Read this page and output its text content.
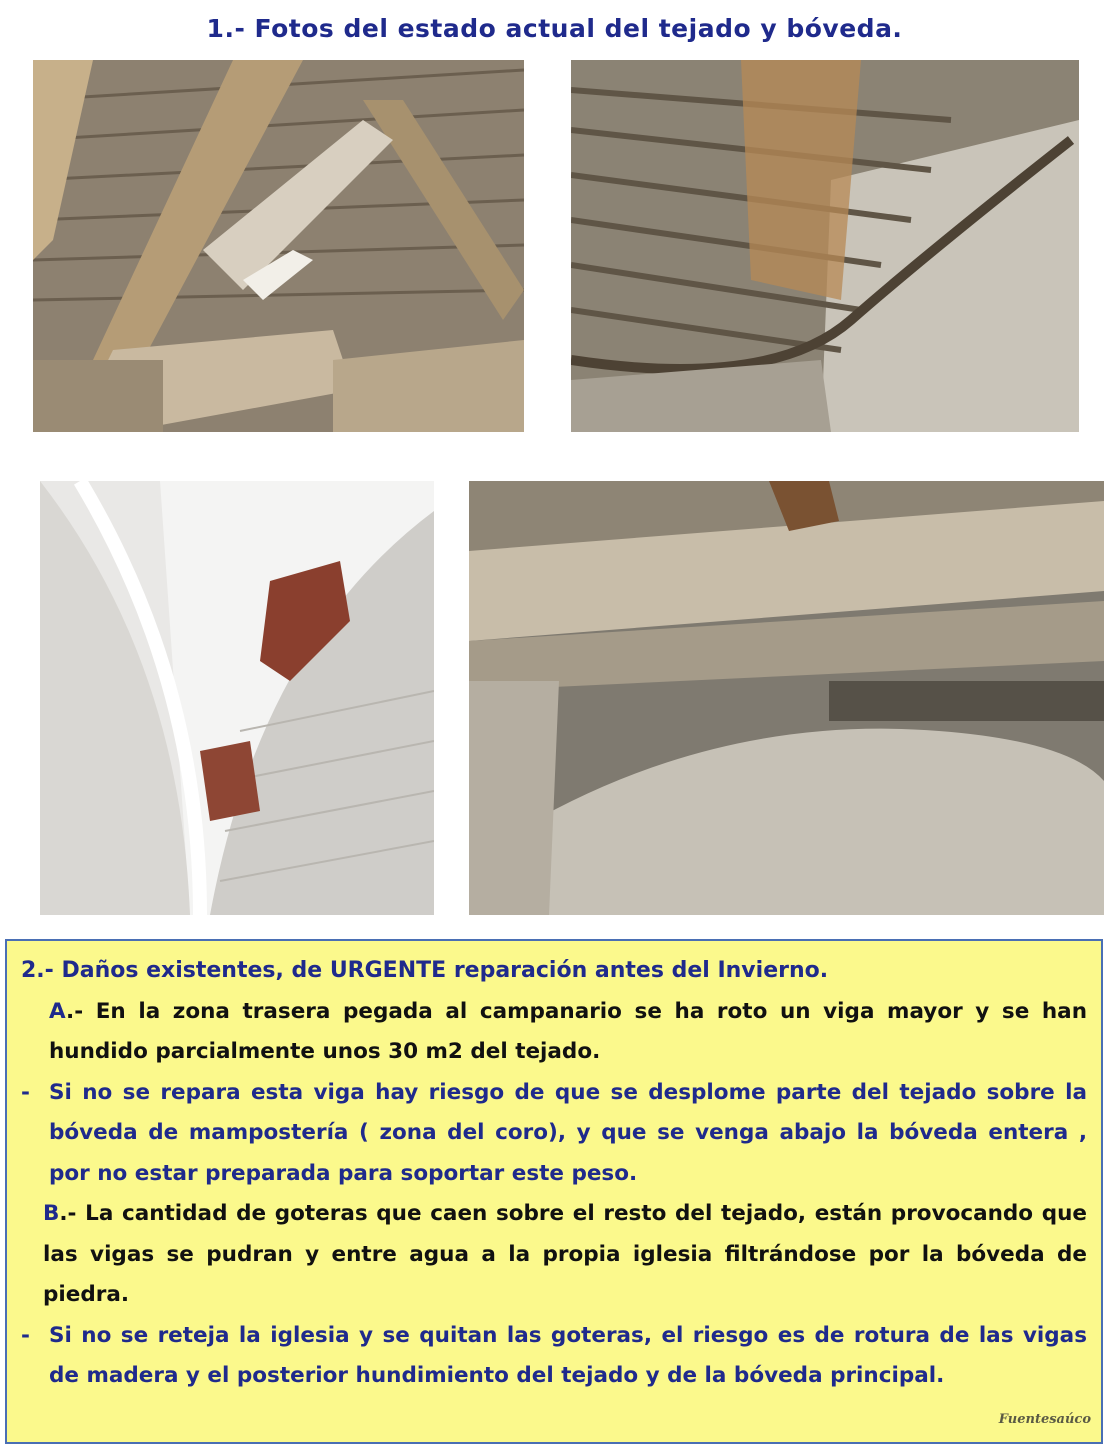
1.- Fotos del estado actual del tejado y bóveda.

2.- Daños existentes, de URGENTE reparación antes del Invierno.

A.- En la zona trasera pegada al campanario se ha roto un viga mayor y se han hundido parcialmente unos 30 m2 del tejado.

- Si no se repara esta viga hay riesgo de que se desplome parte del tejado sobre la bóveda de mampostería ( zona del coro), y que se venga abajo la bóveda entera , por no estar preparada para soportar este peso.

B.- La cantidad de goteras que caen sobre el resto del tejado, están provocando que las vigas se pudran y entre agua a la propia iglesia filtrándose por la bóveda de piedra.

- Si no se reteja la iglesia y se quitan las goteras, el riesgo es de rotura de las vigas de madera y el posterior hundimiento del tejado y de la bóveda principal.
Fuentesaúco
